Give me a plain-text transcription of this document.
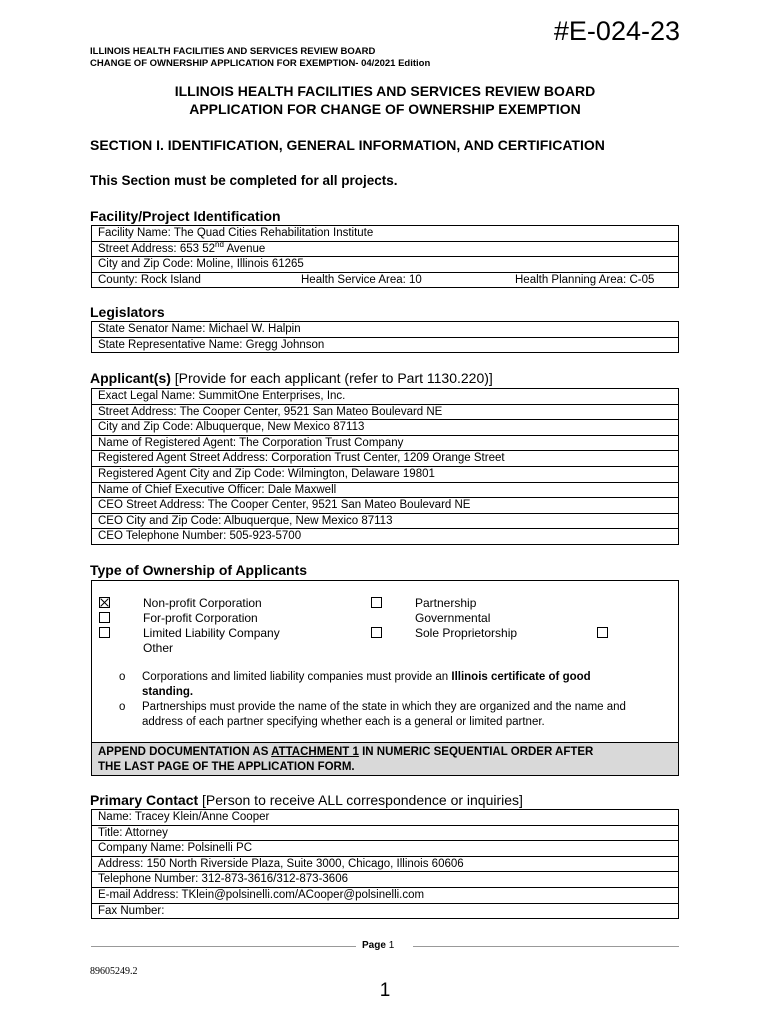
#E-024-23
ILLINOIS HEALTH FACILITIES AND SERVICES REVIEW BOARD
CHANGE OF OWNERSHIP APPLICATION FOR EXEMPTION- 04/2021 Edition
ILLINOIS HEALTH FACILITIES AND SERVICES REVIEW BOARD
APPLICATION FOR CHANGE OF OWNERSHIP EXEMPTION
SECTION I. IDENTIFICATION, GENERAL INFORMATION, AND CERTIFICATION
This Section must be completed for all projects.
Facility/Project Identification
Facility Name: The Quad Cities Rehabilitation Institute
Street Address: 653 52nd Avenue
City and Zip Code: Moline, Illinois 61265
County: Rock Island	Health Service Area: 10	Health Planning Area: C-05
Legislators
State Senator Name: Michael W. Halpin
State Representative Name: Gregg Johnson
Applicant(s) [Provide for each applicant (refer to Part 1130.220)]
Exact Legal Name: SummitOne Enterprises, Inc.
Street Address: The Cooper Center, 9521 San Mateo Boulevard NE
City and Zip Code: Albuquerque, New Mexico 87113
Name of Registered Agent: The Corporation Trust Company
Registered Agent Street Address: Corporation Trust Center, 1209 Orange Street
Registered Agent City and Zip Code: Wilmington, Delaware 19801
Name of Chief Executive Officer: Dale Maxwell
CEO Street Address: The Cooper Center, 9521 San Mateo Boulevard NE
CEO City and Zip Code: Albuquerque, New Mexico 87113
CEO Telephone Number: 505-923-5700
Type of Ownership of Applicants
Non-profit Corporation
For-profit Corporation
Limited Liability Company
Other
Partnership
Governmental
Sole Proprietorship
o Corporations and limited liability companies must provide an Illinois certificate of good
standing.
o Partnerships must provide the name of the state in which they are organized and the name and
address of each partner specifying whether each is a general or limited partner.
APPEND DOCUMENTATION AS ATTACHMENT 1 IN NUMERIC SEQUENTIAL ORDER AFTER
THE LAST PAGE OF THE APPLICATION FORM.
Primary Contact [Person to receive ALL correspondence or inquiries]
Name: Tracey Klein/Anne Cooper
Title: Attorney
Company Name: Polsinelli PC
Address: 150 North Riverside Plaza, Suite 3000, Chicago, Illinois 60606
Telephone Number: 312-873-3616/312-873-3606
E-mail Address: TKlein@polsinelli.com/ACooper@polsinelli.com
Fax Number:
Page 1
89605249.2
1
